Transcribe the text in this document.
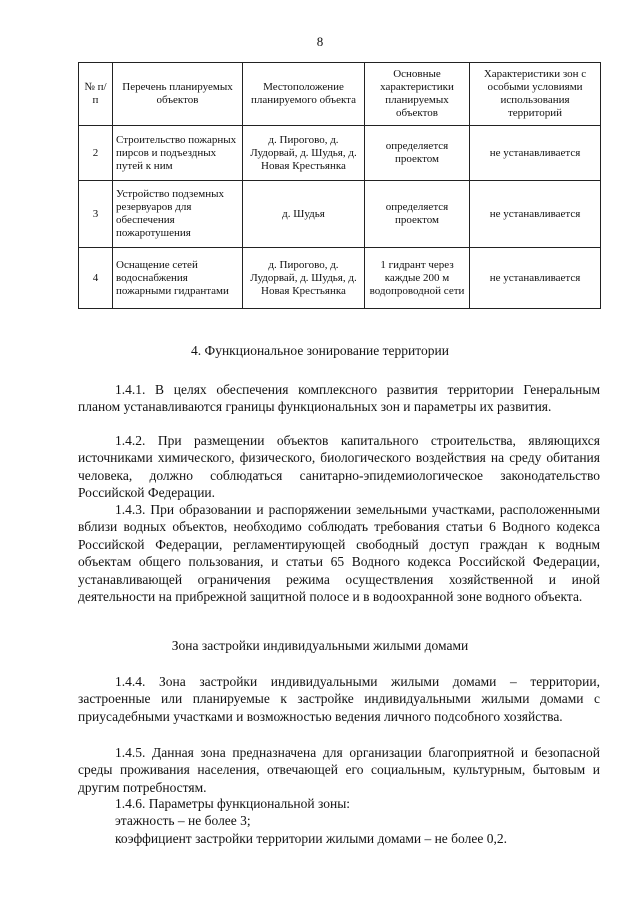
8
№ п/п	Перечень планируемых объектов	Местоположение планируемого объекта	Основные характеристики планируемых объектов	Характеристики зон с особыми условиями использования территорий
2	Строительство пожарных пирсов и подъездных путей к ним	д. Пирогово, д. Лудорвай, д. Шудья, д. Новая Крестьянка	определяется проектом	не устанавливается
3	Устройство подземных резервуаров для обеспечения пожаротушения	д. Шудья	определяется проектом	не устанавливается
4	Оснащение сетей водоснабжения пожарными гидрантами	д. Пирогово, д. Лудорвай, д. Шудья, д. Новая Крестьянка	1 гидрант через каждые 200 м водопроводной сети	не устанавливается
4. Функциональное зонирование территории

1.4.1. В целях обеспечения комплексного развития территории Генеральным планом устанавливаются границы функциональных зон и параметры их развития.

1.4.2. При размещении объектов капитального строительства, являющихся источниками химического, физического, биологического воздействия на среду обитания человека, должно соблюдаться санитарно-эпидемиологическое законодательство Российской Федерации.

1.4.3. При образовании и распоряжении земельными участками, расположенными вблизи водных объектов, необходимо соблюдать требования статьи 6 Водного кодекса Российской Федерации, регламентирующей свободный доступ граждан к водным объектам общего пользования, и статьи 65 Водного кодекса Российской Федерации, устанавливающей ограничения режима осуществления хозяйственной и иной деятельности на прибрежной защитной полосе и в водоохранной зоне водного объекта.

Зона застройки индивидуальными жилыми домами

1.4.4. Зона застройки индивидуальными жилыми домами – территории, застроенные или планируемые к застройке индивидуальными жилыми домами с приусадебными участками и возможностью ведения личного подсобного хозяйства.

1.4.5. Данная зона предназначена для организации благоприятной и безопасной среды проживания населения, отвечающей его социальным, культурным, бытовым и другим потребностям.

1.4.6. Параметры функциональной зоны:
этажность – не более 3;
коэффициент застройки территории жилыми домами – не более 0,2.
